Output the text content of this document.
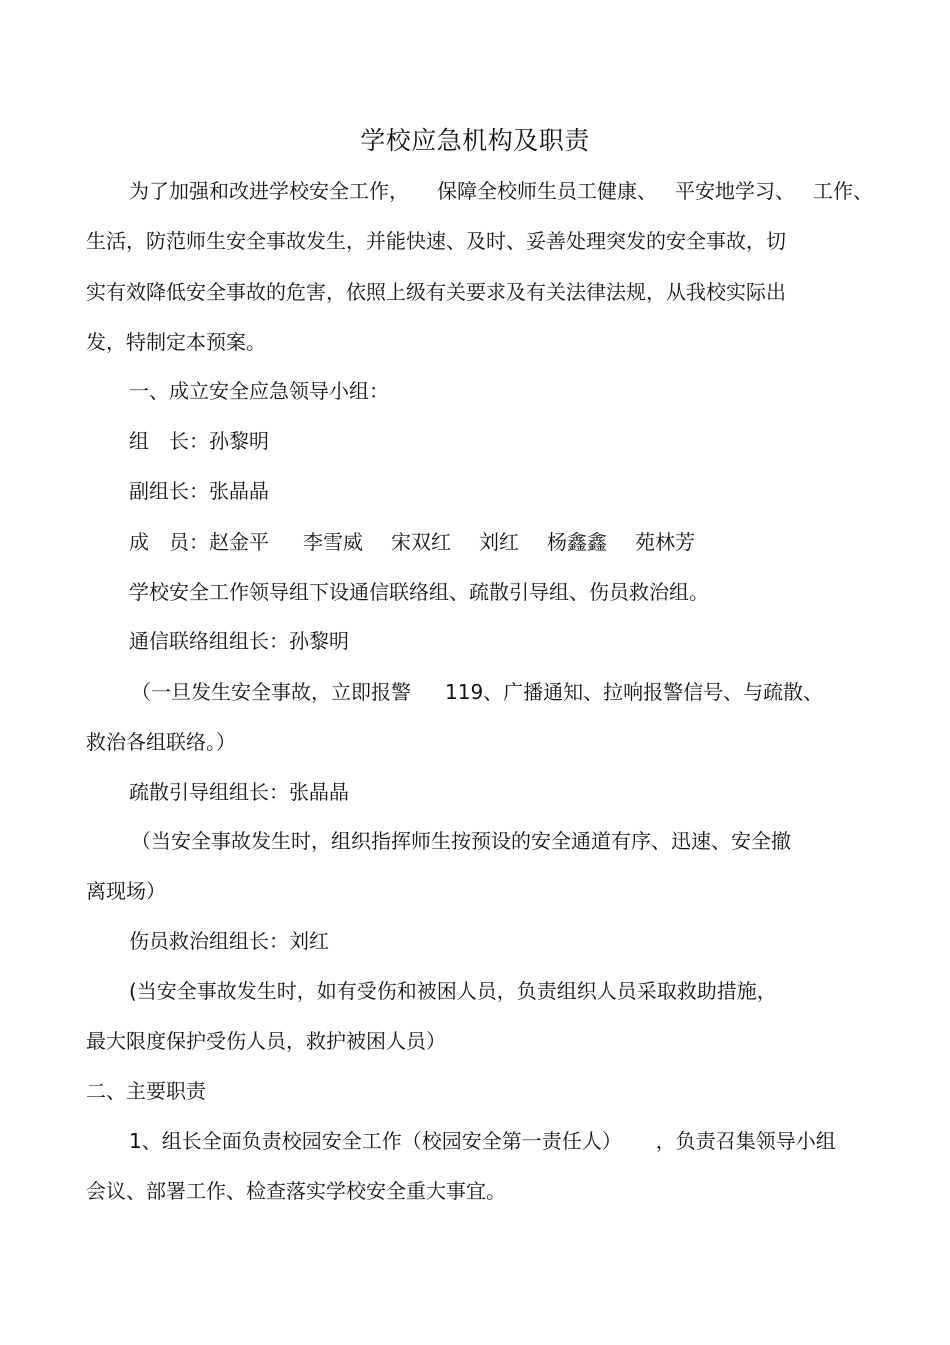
学校应急机构及职责
为了加强和改进学校安全工作， 保障全校师生员工健康、 平安地学习、 工作、
生活，防范师生安全事故发生，并能快速、及时、妥善处理突发的安全事故，切
实有效降低安全事故的危害，依照上级有关要求及有关法律法规，从我校实际出
发，特制定本预案。
一、成立安全应急领导小组：
组　长：孙黎明
副组长：张晶晶
成　员：赵金平 李雪威 宋双红 刘红 杨鑫鑫 苑林芳
学校安全工作领导组下设通信联络组、疏散引导组、伤员救治组。
通信联络组组长：孙黎明
（一旦发生安全事故，立即报警 119、广播通知、拉响报警信号、与疏散、
救治各组联络。）
疏散引导组组长：张晶晶
（当安全事故发生时，组织指挥师生按预设的安全通道有序、迅速、安全撤
离现场）
伤员救治组组长：刘红
(当安全事故发生时，如有受伤和被困人员，负责组织人员采取救助措施，
最大限度保护受伤人员，救护被困人员）
二、主要职责
1、组长全面负责校园安全工作（校园安全第一责任人） ，负责召集领导小组
会议、部署工作、检查落实学校安全重大事宜。
